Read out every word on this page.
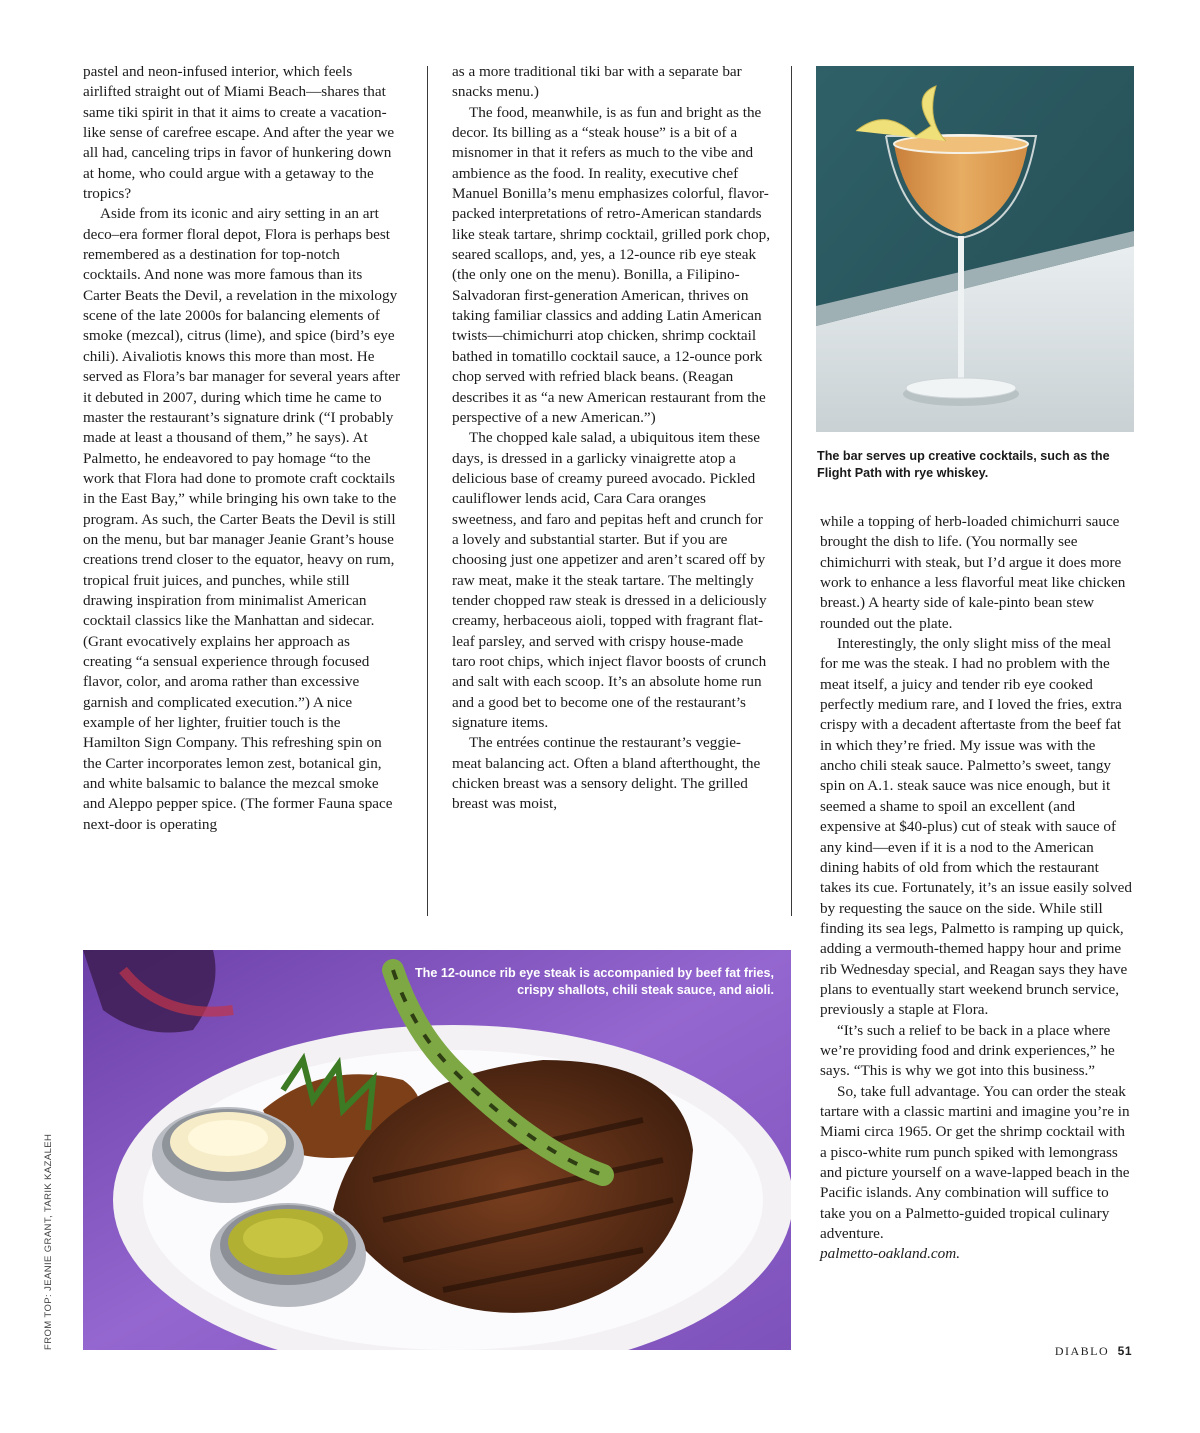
pastel and neon-infused interior, which feels airlifted straight out of Miami Beach—shares that same tiki spirit in that it aims to create a vacation-like sense of carefree escape. And after the year we all had, canceling trips in favor of hunkering down at home, who could argue with a getaway to the tropics?

Aside from its iconic and airy setting in an art deco–era former floral depot, Flora is perhaps best remembered as a destination for top-notch cocktails. And none was more famous than its Carter Beats the Devil, a revelation in the mixology scene of the late 2000s for balancing elements of smoke (mezcal), citrus (lime), and spice (bird’s eye chili). Aivaliotis knows this more than most. He served as Flora’s bar manager for several years after it debuted in 2007, during which time he came to master the restaurant’s signature drink (“I probably made at least a thousand of them,” he says). At Palmetto, he endeavored to pay homage “to the work that Flora had done to promote craft cocktails in the East Bay,” while bringing his own take to the program. As such, the Carter Beats the Devil is still on the menu, but bar manager Jeanie Grant’s house creations trend closer to the equator, heavy on rum, tropical fruit juices, and punches, while still drawing inspiration from minimalist American cocktail classics like the Manhattan and sidecar. (Grant evocatively explains her approach as creating “a sensual experience through focused flavor, color, and aroma rather than excessive garnish and complicated execution.”) A nice example of her lighter, fruitier touch is the Hamilton Sign Company. This refreshing spin on the Carter incorporates lemon zest, botanical gin, and white balsamic to balance the mezcal smoke and Aleppo pepper spice. (The former Fauna space next-door is operating

as a more traditional tiki bar with a separate bar snacks menu.)

The food, meanwhile, is as fun and bright as the decor. Its billing as a “steak house” is a bit of a misnomer in that it refers as much to the vibe and ambience as the food. In reality, executive chef Manuel Bonilla’s menu emphasizes colorful, flavor-packed interpretations of retro-American standards like steak tartare, shrimp cocktail, grilled pork chop, seared scallops, and, yes, a 12-ounce rib eye steak (the only one on the menu). Bonilla, a Filipino-Salvadoran first-generation American, thrives on taking familiar classics and adding Latin American twists—chimichurri atop chicken, shrimp cocktail bathed in tomatillo cocktail sauce, a 12-ounce pork chop served with refried black beans. (Reagan describes it as “a new American restaurant from the perspective of a new American.”)

The chopped kale salad, a ubiquitous item these days, is dressed in a garlicky vinaigrette atop a delicious base of creamy pureed avocado. Pickled cauliflower lends acid, Cara Cara oranges sweetness, and faro and pepitas heft and crunch for a lovely and substantial starter. But if you are choosing just one appetizer and aren’t scared off by raw meat, make it the steak tartare. The meltingly tender chopped raw steak is dressed in a deliciously creamy, herbaceous aioli, topped with fragrant flat-leaf parsley, and served with crispy house-made taro root chips, which inject flavor boosts of crunch and salt with each scoop. It’s an absolute home run and a good bet to become one of the restaurant’s signature items.

The entrées continue the restaurant’s veggie-meat balancing act. Often a bland afterthought, the chicken breast was a sensory delight. The grilled breast was moist,

The bar serves up creative cocktails, such as the Flight Path with rye whiskey.

while a topping of herb-loaded chimichurri sauce brought the dish to life. (You normally see chimichurri with steak, but I’d argue it does more work to enhance a less flavorful meat like chicken breast.) A hearty side of kale-pinto bean stew rounded out the plate.

Interestingly, the only slight miss of the meal for me was the steak. I had no problem with the meat itself, a juicy and tender rib eye cooked perfectly medium rare, and I loved the fries, extra crispy with a decadent aftertaste from the beef fat in which they’re fried. My issue was with the ancho chili steak sauce. Palmetto’s sweet, tangy spin on A.1. steak sauce was nice enough, but it seemed a shame to spoil an excellent (and expensive at $40-plus) cut of steak with sauce of any kind—even if it is a nod to the American dining habits of old from which the restaurant takes its cue. Fortunately, it’s an issue easily solved by requesting the sauce on the side. While still finding its sea legs, Palmetto is ramping up quick, adding a vermouth-themed happy hour and prime rib Wednesday special, and Reagan says they have plans to eventually start weekend brunch service, previously a staple at Flora.

“It’s such a relief to be back in a place where we’re providing food and drink experiences,” he says. “This is why we got into this business.”

So, take full advantage. You can order the steak tartare with a classic martini and imagine you’re in Miami circa 1965. Or get the shrimp cocktail with a pisco-white rum punch spiked with lemongrass and picture yourself on a wave-lapped beach in the Pacific islands. Any combination will suffice to take you on a Palmetto-guided tropical culinary adventure.

palmetto-oakland.com.

The 12-ounce rib eye steak is accompanied by beef fat fries, crispy shallots, chili steak sauce, and aioli.
FROM TOP: JEANIE GRANT, TARIK KAZALEH
DIABLO 51
